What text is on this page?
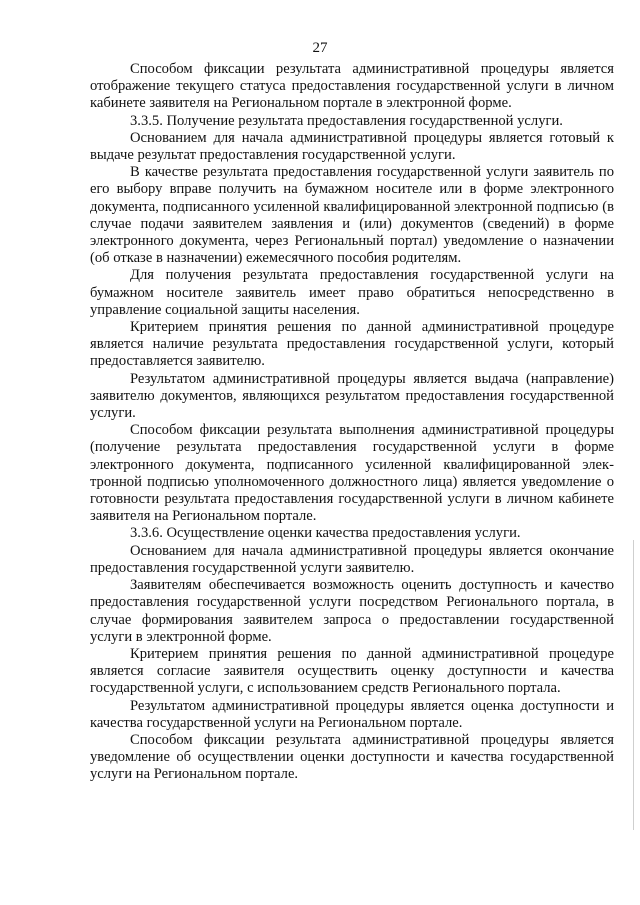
27

Способом фиксации результата административной процедуры является отображение текущего статуса предоставления государственной услуги в личном кабинете заявителя на Региональном портале в электронной форме.

3.3.5. Получение результата предоставления государственной услуги.

Основанием для начала административной процедуры является готовый к выдаче результат предоставления государственной услуги.

В качестве результата предоставления государственной услуги заявитель по его выбору вправе получить на бумажном носителе или в форме электронного документа, подписанного усиленной квалифицированной электронной подписью (в случае подачи заявителем заявления и (или) документов (сведений) в форме электронного документа, через Региональный портал) уведомление о назначении (об отказе в назначении) ежемесячного пособия родителям.

Для получения результата предоставления государственной услуги на бумажном носителе заявитель имеет право обратиться непосредственно в управление социальной защиты населения.

Критерием принятия решения по данной административной процедуре является наличие результата предоставления государственной услуги, который предоставляется заявителю.

Результатом административной процедуры является выдача (направление) заявителю документов, являющихся результатом предоставления государственной услуги.

Способом фиксации результата выполнения административной процедуры (получение результата предоставления государственной услуги в форме электронного документа, подписанного усиленной квалифицированной электронной подписью уполномоченного должностного лица) является уведомление о готовности результата предоставления государственной услуги в личном кабинете заявителя на Региональном портале.

3.3.6. Осуществление оценки качества предоставления услуги.

Основанием для начала административной процедуры является окончание предоставления государственной услуги заявителю.

Заявителям обеспечивается возможность оценить доступность и качество предоставления государственной услуги посредством Регионального портала, в случае формирования заявителем запроса о предоставлении государственной услуги в электронной форме.

Критерием принятия решения по данной административной процедуре является согласие заявителя осуществить оценку доступности и качества государственной услуги, с использованием средств Регионального портала.

Результатом административной процедуры является оценка доступности и качества государственной услуги на Региональном портале.

Способом фиксации результата административной процедуры является уведомление об осуществлении оценки доступности и качества государственной услуги на Региональном портале.
